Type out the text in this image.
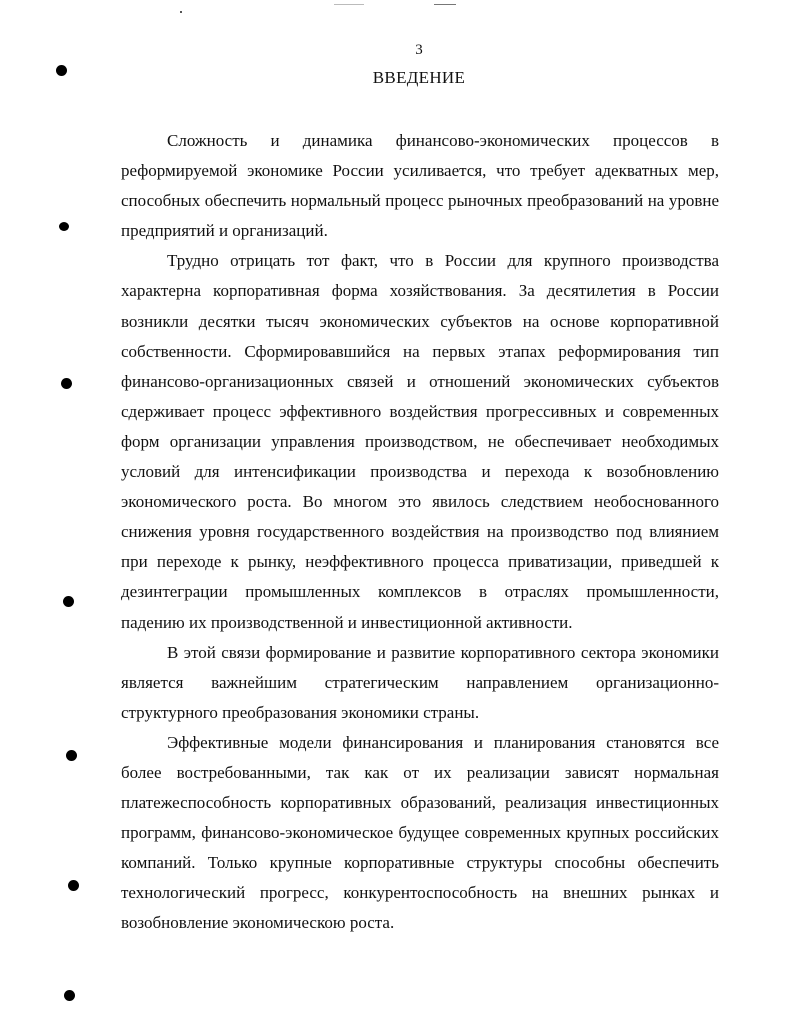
3
ВВЕДЕНИЕ

Сложность и динамика финансово-экономических процессов в реформируемой экономике России усиливается, что требует адекватных мер, способных обеспечить нормальный процесс рыночных преобразований на уровне предприятий и организаций.

Трудно отрицать тот факт, что в России для крупного производства характерна корпоративная форма хозяйствования. За десятилетия в России возникли десятки тысяч экономических субъектов на основе корпоративной собственности. Сформировавшийся на первых этапах реформирования тип финансово-организационных связей и отношений экономических субъектов сдерживает процесс эффективного воздействия прогрессивных и современных форм организации управления производством, не обеспечивает необходимых условий для интенсификации производства и перехода к возобновлению экономического роста. Во многом это явилось следствием необоснованного снижения уровня государственного воздействия на производство под влиянием при переходе к рынку, неэффективного процесса приватизации, приведшей к дезинтеграции промышленных комплексов в отраслях промышленности, падению их производственной и инвестиционной активности.

В этой связи формирование и развитие корпоративного сектора экономики является важнейшим стратегическим направлением организационно-структурного преобразования экономики страны.

Эффективные модели финансирования и планирования становятся все более востребованными, так как от их реализации зависят нормальная платежеспособность корпоративных образований, реализация инвестиционных программ, финансово-экономическое будущее современных крупных российских компаний. Только крупные корпоративные структуры способны обеспечить технологический прогресс, конкурентоспособность на внешних рынках и возобновление экономическою роста.
